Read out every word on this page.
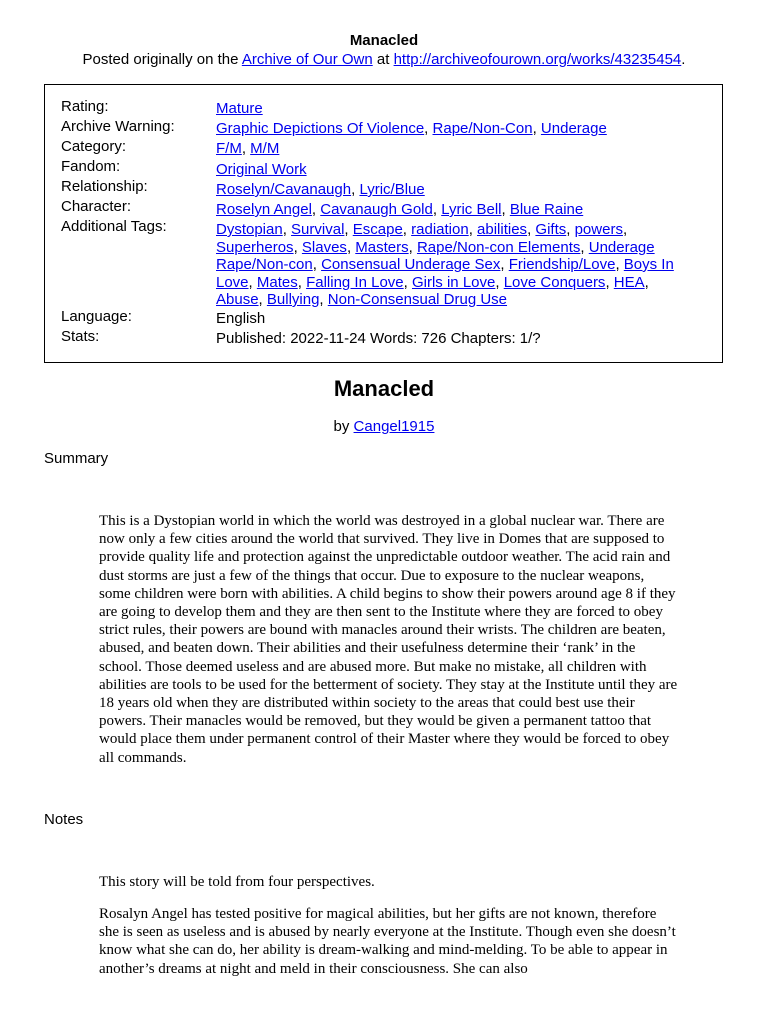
Manacled
Posted originally on the Archive of Our Own at http://archiveofourown.org/works/43235454.
Rating:	Mature
Archive Warning:	Graphic Depictions Of Violence, Rape/Non-Con, Underage
Category:	F/M, M/M
Fandom:	Original Work
Relationship:	Roselyn/Cavanaugh, Lyric/Blue
Character:	Roselyn Angel, Cavanaugh Gold, Lyric Bell, Blue Raine
Additional Tags:	Dystopian, Survival, Escape, radiation, abilities, Gifts, powers, Superheros, Slaves, Masters, Rape/Non-con Elements, Underage Rape/Non-con, Consensual Underage Sex, Friendship/Love, Boys In Love, Mates, Falling In Love, Girls in Love, Love Conquers, HEA, Abuse, Bullying, Non-Consensual Drug Use
Language:	English
Stats:	Published: 2022-11-24 Words: 726 Chapters: 1/?
Manacled
by Cangel1915
Summary

This is a Dystopian world in which the world was destroyed in a global nuclear war. There are now only a few cities around the world that survived. They live in Domes that are supposed to provide quality life and protection against the unpredictable outdoor weather. The acid rain and dust storms are just a few of the things that occur. Due to exposure to the nuclear weapons, some children were born with abilities. A child begins to show their powers around age 8 if they are going to develop them and they are then sent to the Institute where they are forced to obey strict rules, their powers are bound with manacles around their wrists. The children are beaten, abused, and beaten down. Their abilities and their usefulness determine their ‘rank’ in the school. Those deemed useless and are abused more. But make no mistake, all children with abilities are tools to be used for the betterment of society. They stay at the Institute until they are 18 years old when they are distributed within society to the areas that could best use their powers. Their manacles would be removed, but they would be given a permanent tattoo that would place them under permanent control of their Master where they would be forced to obey all commands.

Notes

This story will be told from four perspectives.

Rosalyn Angel has tested positive for magical abilities, but her gifts are not known, therefore she is seen as useless and is abused by nearly everyone at the Institute. Though even she doesn’t know what she can do, her ability is dream-walking and mind-melding. To be able to appear in another’s dreams at night and meld in their consciousness. She can also
